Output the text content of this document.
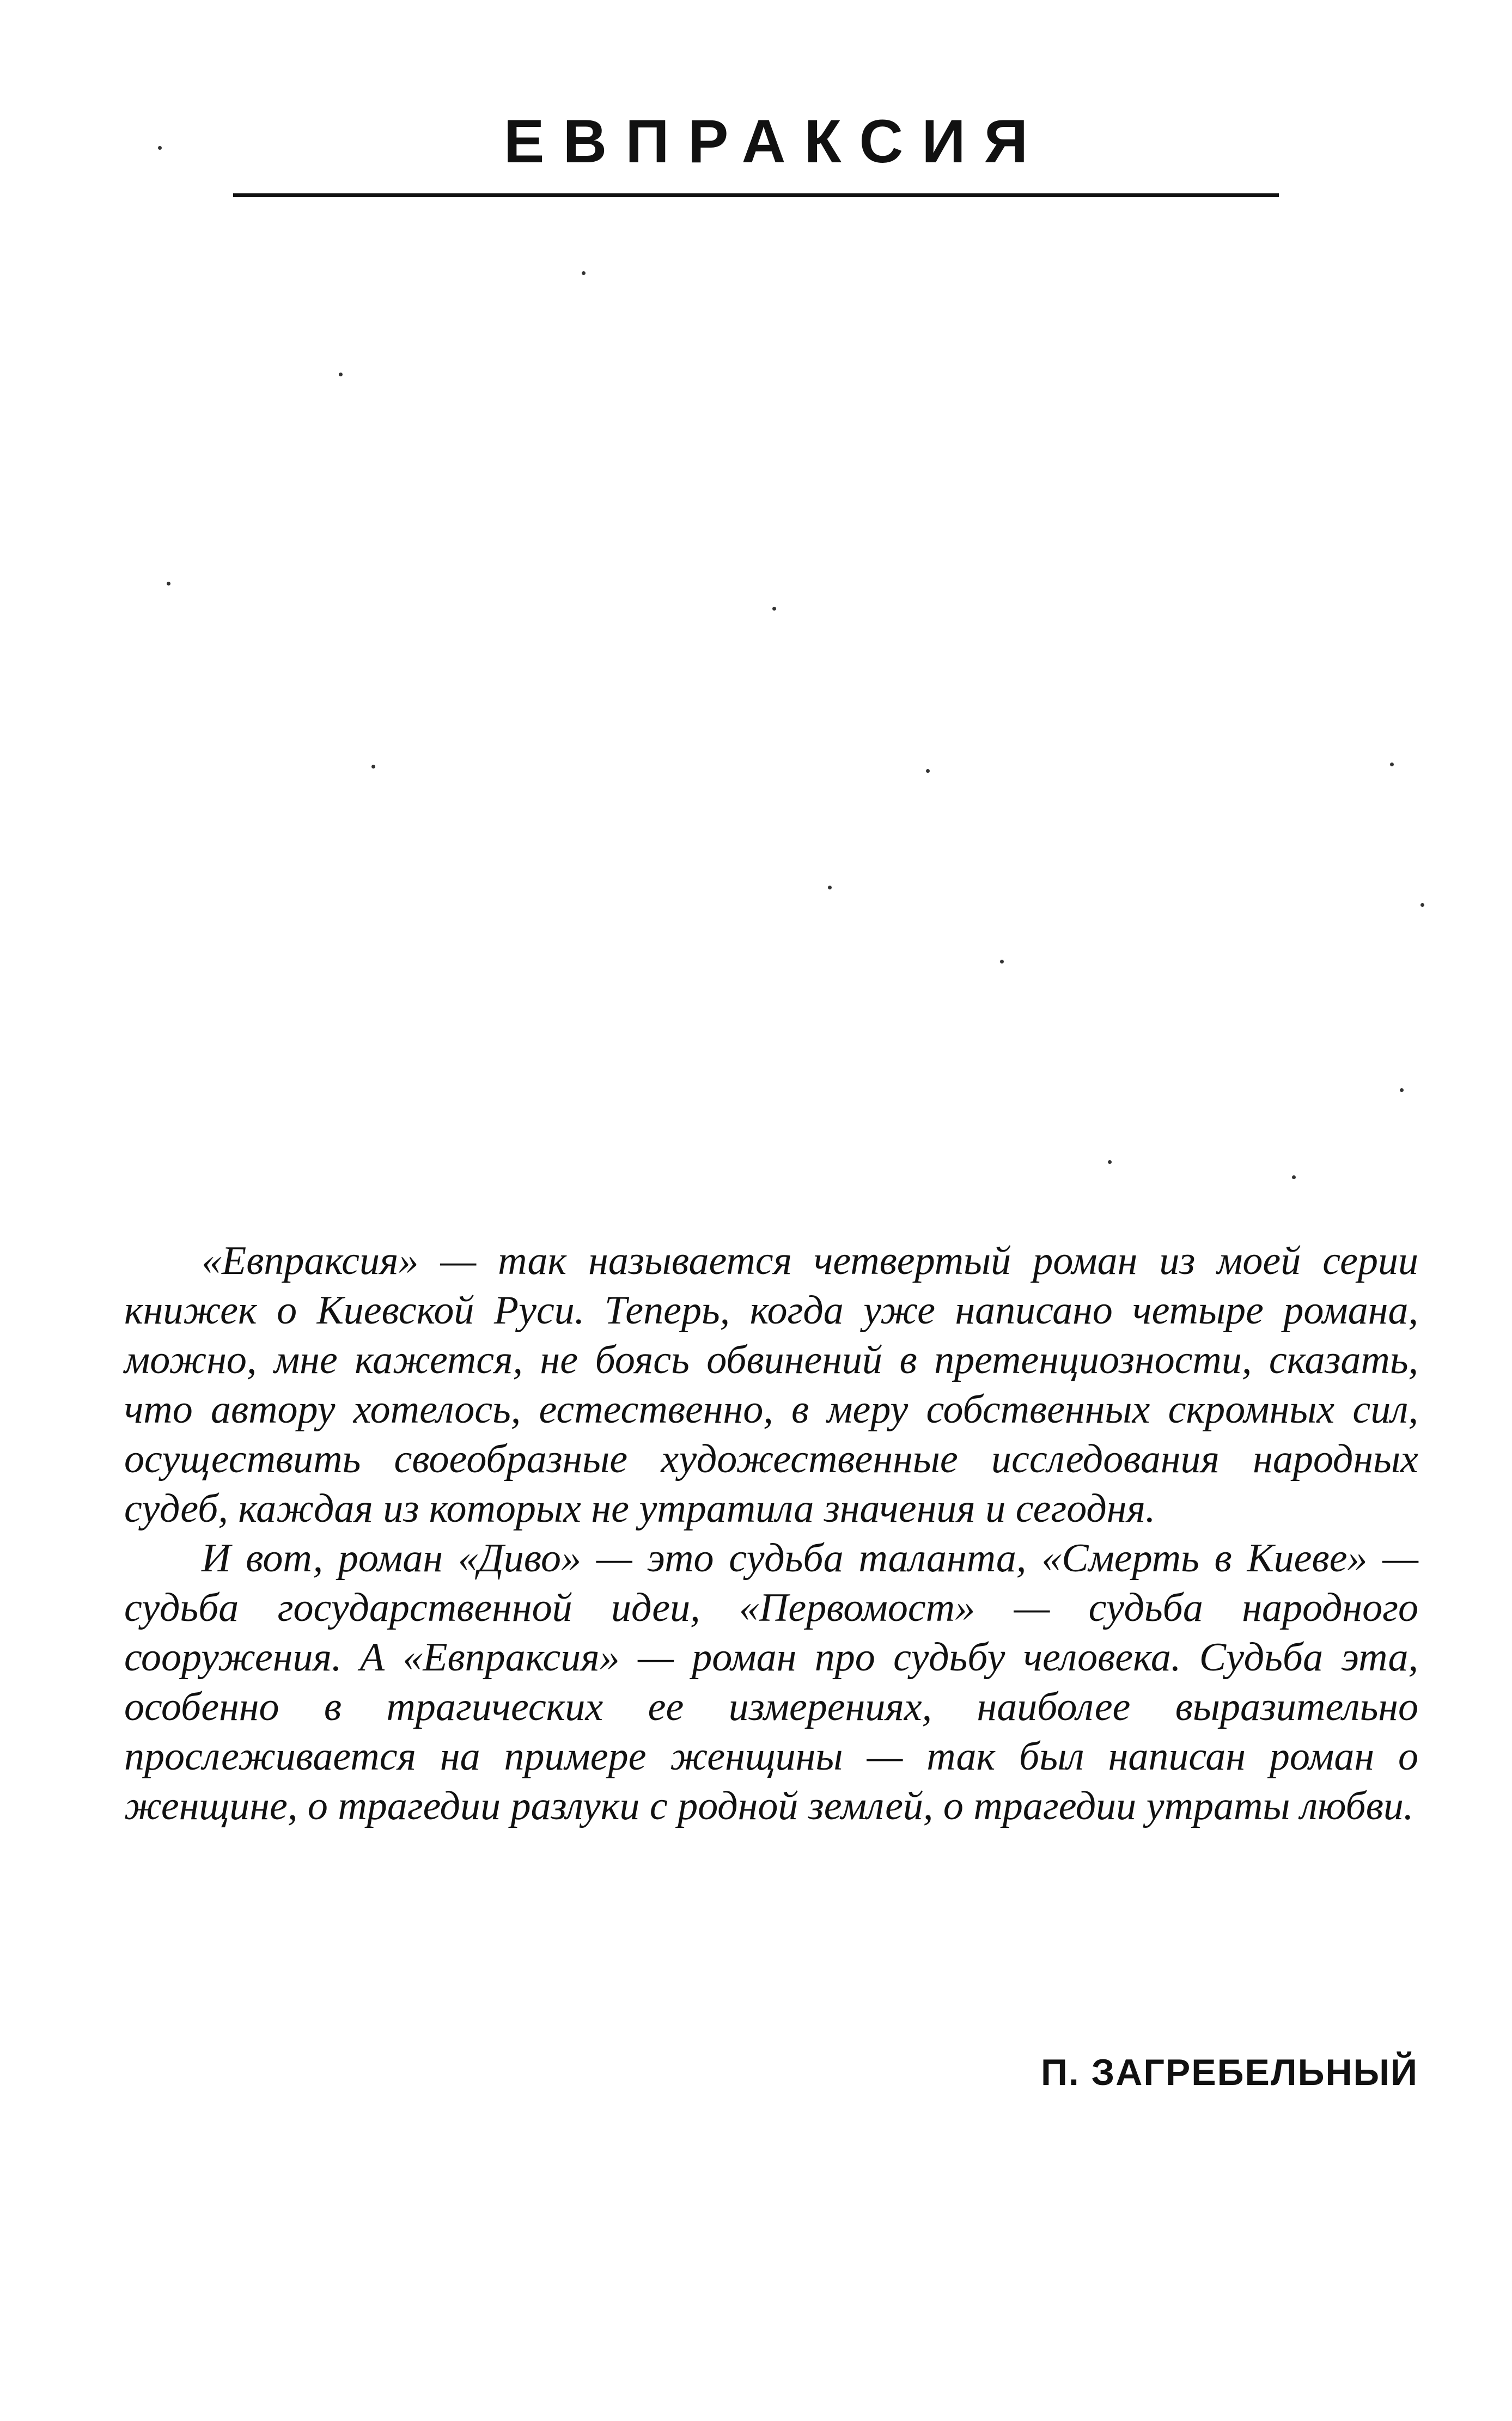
ЕВПРАКСИЯ

«Евпраксия» — так называется четвертый роман из моей серии книжек о Киевской Руси. Теперь, когда уже написано четыре романа, можно, мне кажется, не боясь обвинений в претенциозности, сказать, что автору хотелось, естественно, в меру собственных скромных сил, осуществить своеобразные художественные исследования народных судеб, каждая из которых не утратила значения и сегодня.

И вот, роман «Диво» — это судьба таланта, «Смерть в Киеве» — судьба государственной идеи, «Первомост» — судьба народного сооружения. А «Евпраксия» — роман про судьбу человека. Судьба эта, особенно в трагических ее измерениях, наиболее выразительно прослеживается на примере женщины — так был написан роман о женщине, о трагедии разлуки с родной землей, о трагедии утраты любви.

П. ЗАГРЕБЕЛЬНЫЙ
